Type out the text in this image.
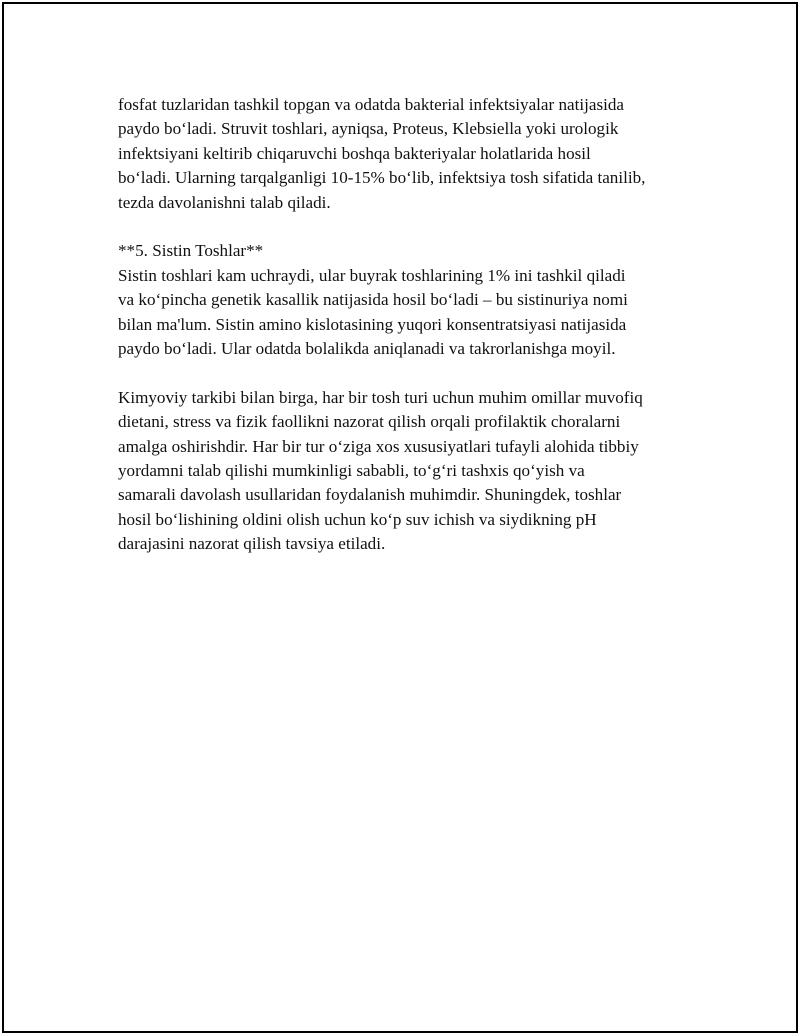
fosfat tuzlaridan tashkil topgan va odatda bakterial infektsiyalar natijasida
paydo bo‘ladi. Struvit toshlari, ayniqsa, Proteus, Klebsiella yoki urologik
infektsiyani keltirib chiqaruvchi boshqa bakteriyalar holatlarida hosil
bo‘ladi. Ularning tarqalganligi 10-15% bo‘lib, infektsiya tosh sifatida tanilib,
tezda davolanishni talab qiladi.
**5. Sistin Toshlar**
Sistin toshlari kam uchraydi, ular buyrak toshlarining 1% ini tashkil qiladi
va ko‘pincha genetik kasallik natijasida hosil bo‘ladi – bu sistinuriya nomi
bilan ma'lum. Sistin amino kislotasining yuqori konsentratsiyasi natijasida
paydo bo‘ladi. Ular odatda bolalikda aniqlanadi va takrorlanishga moyil.
Kimyoviy tarkibi bilan birga, har bir tosh turi uchun muhim omillar muvofiq
dietani, stress va fizik faollikni nazorat qilish orqali profilaktik choralarni
amalga oshirishdir. Har bir tur o‘ziga xos xususiyatlari tufayli alohida tibbiy
yordamni talab qilishi mumkinligi sababli, to‘g‘ri tashxis qo‘yish va
samarali davolash usullaridan foydalanish muhimdir. Shuningdek, toshlar
hosil bo‘lishining oldini olish uchun ko‘p suv ichish va siydikning pH
darajasini nazorat qilish tavsiya etiladi.
